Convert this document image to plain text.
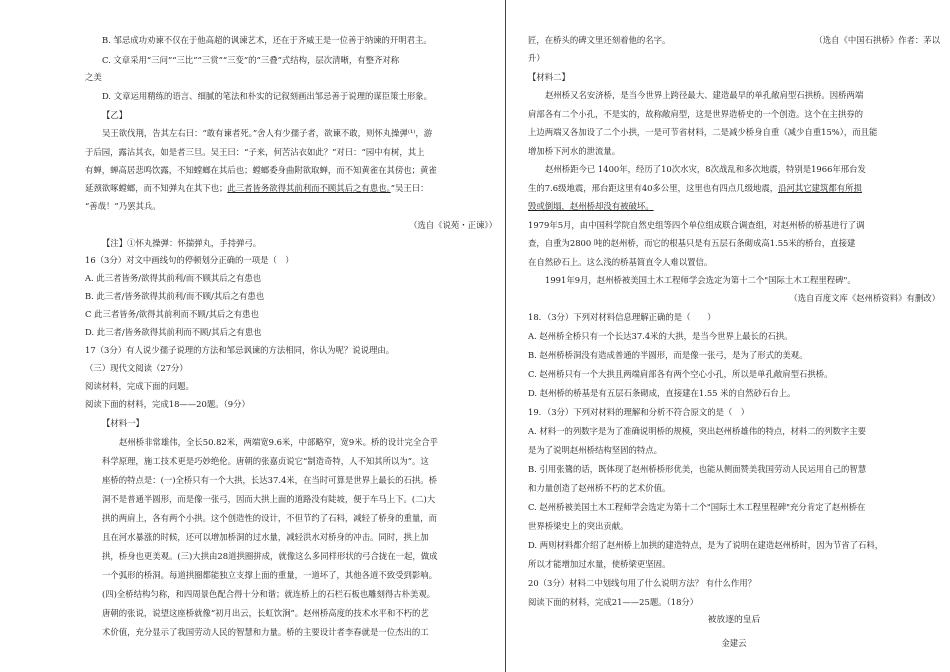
B. 邹忌成功劝谏不仅在于他高超的讽谏艺术，还在于齐威王是一位善于纳谏的开明君主。
C. 文章采用“三问”“三比”“三赏”“三变”的“三叠”式结构，层次清晰，有整齐对称
之美
D. 文章运用精练的语言、细腻的笔法和朴实的记叙刻画出邹忌善于说理的谋臣策士形象。
【乙】
吴王欲伐荆，告其左右曰：“敢有谏者死。”舍人有少孺子者，欲谏不敢，则怀丸操弹⁽¹⁾，游
于后园，露沾其衣，如是者三旦。吴王曰：“子来，何苦沾衣如此？”对曰：“园中有树，其上
有蝉，蝉高居悲鸣饮露，不知螳螂在其后也；螳螂委身曲附欲取蝉，而不知黄雀在其傍也；黄雀
延颈欲啄螳螂，而不知弹丸在其下也；此三者皆务欲得其前利而不顾其后之有患也。”吴王曰：
“善哉！”乃罢其兵。
（选自《说苑・正谏》）
【注】①怀丸操弹：怀揣弹丸，手持弹弓。
16（3分）对文中画线句的停顿划分正确的一项是（　）
A. 此三者皆务/欲得其前利/而不顾其后之有患也
B. 此三者/皆务欲得其前利/而不顾/其后之有患也
C 此三者皆务/欲得其前利而不顾/其后之有患也
D. 此三者/皆务欲得其前利而不顾/其后之有患也
17（3分）有人说少孺子说理的方法和邹忌讽谏的方法相同，你认为呢？说说理由。
（三）现代文阅读（27分）
阅读材料，完成下面的问题。
阅读下面的材料，完成18——20题。（9分）
【材料一】
赵州桥非常雄伟，全长50.82米，两端宽9.6米，中部略窄，宽9米。桥的设计完全合乎
科学原理，施工技术更是巧妙绝伦。唐朝的张嘉贞说它“制造奇特，人不知其所以为”。这
座桥的特点是：(一)全桥只有一个大拱，长达37.4米，在当时可算是世界上最长的石拱。桥
洞不是普通半圆形，而是像一张弓，因而大拱上面的道路没有陡坡，便于车马上下。(二)大
拱的两肩上，各有两个小拱。这个创造性的设计，不但节约了石料，减轻了桥身的重量，而
且在河水暴涨的时候，还可以增加桥洞的过水量，减轻洪水对桥身的冲击。同时，拱上加
拱，桥身也更美观。(三)大拱由28道拱圈拼成，就像这么多同样形状的弓合拢在一起，做成
一个弧形的桥洞。每道拱圈都能独立支撑上面的重量，一道坏了，其他各道不致受到影响。
(四)全桥结构匀称，和四周景色配合得十分和谐；就连桥上的石栏石板也雕刻得古朴美观。
唐朝的张说，说望这座桥就像“初月出云，长虹饮涧”。赵州桥高度的技术水平和不朽的艺
术价值，充分显示了我国劳动人民的智慧和力量。桥的主要设计者李春就是一位杰出的工
匠，在桥头的碑文里还刻着他的名字。	（选自《中国石拱桥》作者：茅以
升）
【材料二】
赵州桥又名安济桥，是当今世界上跨径最大、建造最早的单孔敞肩型石拱桥。因桥两端
肩部各有二个小孔，不是实的，故称敞肩型，这是世界造桥史的一个创造。这个在主拱券的
上边两端又各加设了二个小拱，一是可节省材料，二是减少桥身自重（减少自重15%），而且能
增加桥下河水的泄流量。
赵州桥距今已 1400年，经历了10次水灾，8次战乱和多次地震，特别是1966年邢台发
生的7.6级地震，邢台距这里有40多公里，这里也有四点几级地震，沿河其它建筑都有所损
毁或倒塌，赵州桥却没有被破坏。
1979年5月，由中国科学院自然史组等四个单位组成联合调查组，对赵州桥的桥基进行了调
查，自重为2800 吨的赵州桥，而它的根基只是有五层石条砌成高1.55米的桥台，直接建
在自然砂石上。这么浅的桥基简直令人难以置信。
1991年9月，赵州桥被美国土木工程师学会选定为第十二个"国际土木工程里程碑"。
（选自百度文库《赵州桥资料》有删改）
18．（3分）下列对材料信息理解正确的是（　　）
A. 赵州桥全桥只有一个长达37.4米的大拱，是当今世界上最长的石拱。
B. 赵州桥桥洞没有造成普通的半圆形，而是像一张弓，是为了形式的美观。
C. 赵州桥只有一个大拱且两端肩部各有两个空心小孔，所以是单孔敞肩型石拱桥。
D. 赵州桥的桥基是有五层石条砌成，直接建在1.55 米的自然砂石台上。
19．（3分）下列对材料的理解和分析不符合原文的是（　）
A. 材料一的列数字是为了准确说明桥的规模，突出赵州桥雄伟的特点，材料二的列数字主要
是为了说明赵州桥结构坚固的特点。
B. 引用张鷟的话，既体现了赵州桥桥形优美，也能从侧面赞美我国劳动人民运用自己的智慧
和力量创造了赵州桥不朽的艺术价值。
C. 赵州桥被美国土木工程师学会选定为第十二个"国际土木工程里程碑"充分肯定了赵州桥在
世界桥梁史上的突出贡献。
D. 两则材料都介绍了赵州桥上加拱的建造特点，是为了说明在建造赵州桥时，因为节省了石料，
所以才能增加过水量，使桥梁更坚固。
20（3分）材料二中划线句用了什么说明方法？ 有什么作用？
阅读下面的材料，完成21——25题。（18分）
被放逐的皇后
金建云
